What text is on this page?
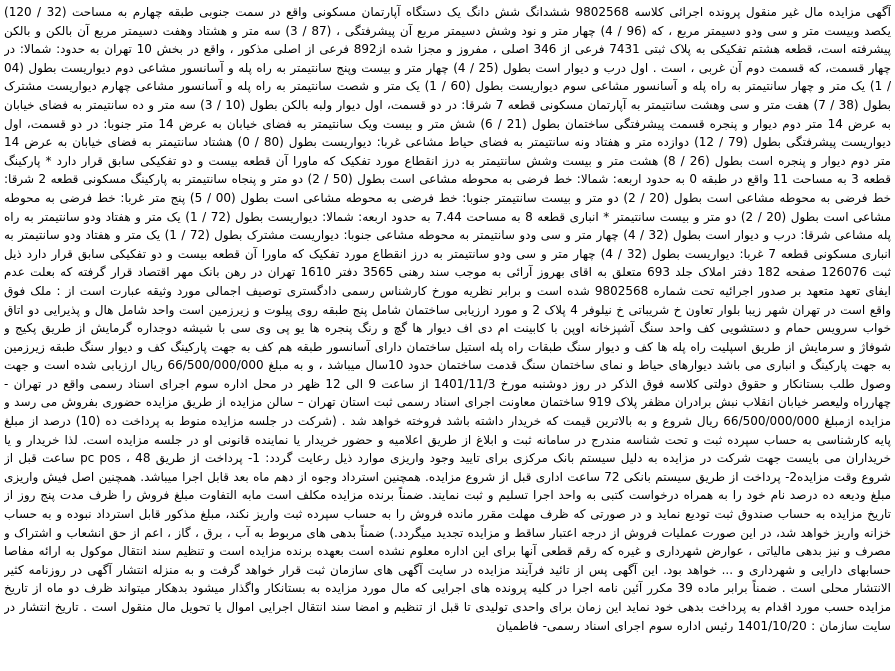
آگهی مزایده مال غیر منقول پرونده اجرائی کلاسه 9802568 ششدانگ شش دانگ یک دستگاه آپارتمان مسکونی واقع در سمت جنوبی طبقه چهارم به مساحت (32 / 120) یکصد وبیست متر و سی ودو دسیمتر مربع ، که (96 / 4) چهار متر و نود وشش دسیمتر مربع آن پیشرفتگی ، (87 / 3) سه متر و هشتاد وهفت دسیمتر مربع آن بالکن و بالکن پیشرفته است، قطعه هشتم تفکیکی به پلاک ثبتی 7431 فرعی از 346 اصلی ، مفروز و مجزا شده از892 فرعی از اصلی مذکور ، واقع در بخش 10 تهران به حدود: شمالا: در چهار قسمت، که قسمت دوم آن غربی ، است . اول درب و دیوار است بطول (25 / 4) چهار متر و بیست وپنج سانتیمتر به راه پله و آسانسور مشاعی دوم دیواریست بطول (04 / 1) یک متر و چهار سانتیمتر به راه پله و آسانسور مشاعی سوم دیواریست بطول (60 / 1) یک متر و شصت سانتیمتر به راه پله و آسانسور مشاعی چهارم دیواریست مشترک بطول (38 / 7) هفت متر و سی وهشت سانتیمتر به آپارتمان مسکونی قطعه 7 شرقا: در دو قسمت، اول دیوار ولبه بالکن بطول (10 / 3) سه متر و ده سانتیمتر به فضای خیابان به عرض 14 متر دوم دیوار و پنجره قسمت پیشرفتگی ساختمان بطول (21 / 6) شش متر و بیست ویک سانتیمتر به فضای خیابان به عرض 14 متر جنوبا: در دو قسمت، اول دیواریست پیشرفتگی بطول (79 / 12) دوازده متر و هفتاد ونه سانتیمتر به فضای حیاط مشاعی غربا: دیواریست بطول (80 / 0) هشتاد سانتیمتر به فضای خیابان به عرض 14 متر دوم دیوار و پنجره است بطول (26 / 8) هشت متر و بیست وشش سانتیمتر به درز انقطاع مورد تفکیک که ماورا آن قطعه بیست و دو تفکیکی سابق قرار دارد * پارکینگ قطعه 3 به مساحت 11 واقع در طبقه 0 به حدود اربعه: شمالا: خط فرضی به محوطه مشاعی است بطول (50 / 2) دو متر و پنجاه سانتیمتر به پارکینگ مسکونی قطعه 2 شرقا: خط فرضی به محوطه مشاعی است بطول (20 / 2) دو متر و بیست سانتیمتر جنوبا: خط فرضی به محوطه مشاعی است بطول (00 / 5) پنج متر غربا: خط فرضی به محوطه مشاعی است بطول (20 / 2) دو متر و بیست سانتیمتر * انباری قطعه 8 به مساحت 7.44 به حدود اربعه: شمالا: دیواریست بطول (72 / 1) یک متر و هفتاد ودو سانتیمتر به راه پله مشاعی شرقا: درب و دیوار است بطول (32 / 4) چهار متر و سی ودو سانتیمتر به محوطه مشاعی جنوبا: دیواریست مشترک بطول (72 / 1) یک متر و هفتاد ودو سانتیمتر به انباری مسکونی قطعه 7 غربا: دیواریست بطول (32 / 4) چهار متر و سی ودو سانتیمتر به درز انقطاع مورد تفکیک که ماورا آن قطعه بیست و دو تفکیکی سابق قرار دارد ذیل ثبت 126076 صفحه 182 دفتر املاک جلد 693 متعلق به اقای بهروز آرائی به موجب سند رهنی 3565 دفتر 1610 تهران در رهن بانک مهر اقتصاد قرار گرفته که بعلت عدم ایفای تعهد متعهد بر صدور اجرائیه تحت شماره 9802568 شده است و برابر نظریه مورخ کارشناس رسمی دادگستری توصیف اجمالی مورد وثیقه عبارت است از : ملک فوق واقع است در تهران شهر زیبا بلوار تعاون خ شریباتی خ نیلوفر 4 پلاک 2 و مورد ارزیابی ساختمان شامل پنج طبقه روی پیلوت و زیرزمین است واحد شامل هال و پذیرایی دو اتاق خواب سرویس حمام و دستشویی کف واحد سنگ آشپزخانه اوپن با کابینت ام دی اف دیوار ها گچ و رنگ پنجره ها یو پی وی سی با شیشه دوجداره گرمایش از طریق پکیج و شوفاژ و سرمایش از طریق اسپلیت راه پله ها کف و دیوار سنگ طبقات راه پله استیل ساختمان دارای آسانسور طبقه هم کف به جهت پارکینگ کف و دیوار سنگ طبقه زیرزمین به جهت پارکینگ و انباری می باشد دیوارهای حیاط و نمای ساختمان سنگ قدمت ساختمان حدود 10سال میباشد ، و به مبلغ 66/500/000/000 ریال ارزیابی شده است و جهت وصول طلب بستانکار و حقوق دولتی کلاسه فوق الذکر در روز دوشنبه مورخ 1401/11/3 از ساعت 9 الی 12 ظهر در محل اداره سوم اجرای اسناد رسمی واقع در تهران - چهارراه ولیعصر خیابان انقلاب نبش برادران مظفر پلاک 919 ساختمان معاونت اجرای اسناد رسمی ثبت استان تهران – سالن مزایده از طریق مزایده حضوری بفروش می رسد و مزایده ازمبلغ 66/500/000/000 ریال شروع و به بالاترین قیمت که خریدار داشته باشد فروخته خواهد شد . (شرکت در جلسه مزایده منوط به پرداخت ده (10) درصد از مبلغ پایه کارشناسی به حساب سپرده ثبت و تحت شناسه مندرج در سامانه ثبت و ابلاغ از طریق اعلامیه و حضور خریدار یا نماینده قانونی او در جلسه مزایده است. لذا خریدار و یا خریداران می بایست جهت شرکت در مزایده به دلیل سیستم بانک مرکزی برای تایید وجود واریزی موارد ذیل رعایت گردد: 1- پرداخت از طریق pc pos ، 48 ساعت قبل از شروع وقت مزایده2- پرداخت از طریق سیستم بانکی 72 ساعت اداری قبل از شروع مزایده. همچنین استرداد وجوه از دهم ماه بعد قابل اجرا میباشد. همچنین اصل فیش واریزی مبلغ ودیعه ده درصد نام خود را به همراه درخواست کتبی به واحد اجرا تسلیم و ثبت نمایند. ضمناً برنده مزایده مکلف است مابه التفاوت مبلغ فروش را ظرف مدت پنج روز از تاریخ مزایده به حساب صندوق ثبت تودیع نماید و در صورتی که ظرف مهلت مقرر مانده فروش را به حساب سپرده ثبت واریز نکند، مبلغ مذکور قابل استرداد نبوده و به حساب خزانه واریز خواهد شد، در این صورت عملیات فروش از درجه اعتبار ساقط و مزایده تجدید میگردد.) ضمناً بدهی های مربوط به آب ، برق ، گاز ، اعم از حق انشعاب و اشتراک و مصرف و نیز بدهی مالیاتی ، عوارض شهرداری و غیره که رقم قطعی آنها برای این اداره معلوم نشده است بعهده برنده مزایده است و تنظیم سند انتقال موکول به ارائه مفاصا حسابهای دارایی و شهرداری و ... خواهد بود. این آگهی پس از تائید فرآیند مزایده در سایت آگهی های سازمان ثبت قرار خواهد گرفت و به منزله انتشار آگهی در روزنامه کثیر الانتشار محلی است . ضمناً برابر ماده 39 مکرر آئین نامه اجرا در کلیه پرونده های اجرایی که مال مورد مزایده به بستانکار واگذار میشود بدهکار میتواند ظرف دو ماه از تاریخ مزایده حسب مورد اقدام به پرداخت بدهی خود نماید این زمان برای واحدی تولیدی تا قبل از تنظیم و امضا سند انتقال اجرایی اموال یا تحویل مال منقول است . تاریخ انتشار در سایت سازمان : 1401/10/20 رئیس اداره سوم اجرای اسناد رسمی- فاطمیان
